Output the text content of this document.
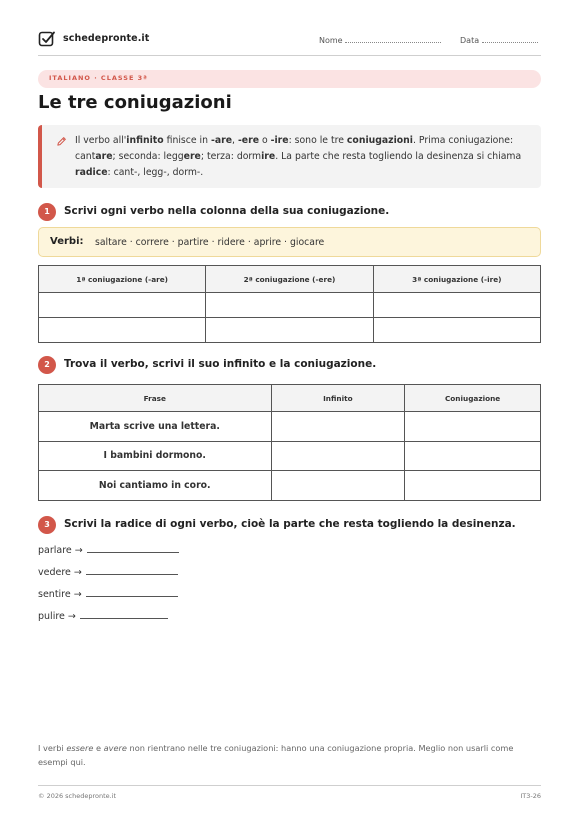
schedepronte.it	Nome	Data
ITALIANO · CLASSE 3ª
Le tre coniugazioni
Il verbo all'infinito finisce in -are, -ere o -ire: sono le tre coniugazioni. Prima coniugazione: cantare; seconda: leggere; terza: dormire. La parte che resta togliendo la desinenza si chiama radice: cant-, legg-, dorm-.
1	Scrivi ogni verbo nella colonna della sua coniugazione.
Verbi: saltare · correre · partire · ridere · aprire · giocare
1ª coniugazione (-are)	2ª coniugazione (-ere)	3ª coniugazione (-ire)

2	Trova il verbo, scrivi il suo infinito e la coniugazione.
Frase	Infinito	Coniugazione
Marta scrive una lettera.		
I bambini dormono.		
Noi cantiamo in coro.		
3	Scrivi la radice di ogni verbo, cioè la parte che resta togliendo la desinenza.
parlare →
vedere →
sentire →
pulire →
I verbi essere e avere non rientrano nelle tre coniugazioni: hanno una coniugazione propria. Meglio non usarli come esempi qui.
© 2026 schedepronte.it	IT3-26
